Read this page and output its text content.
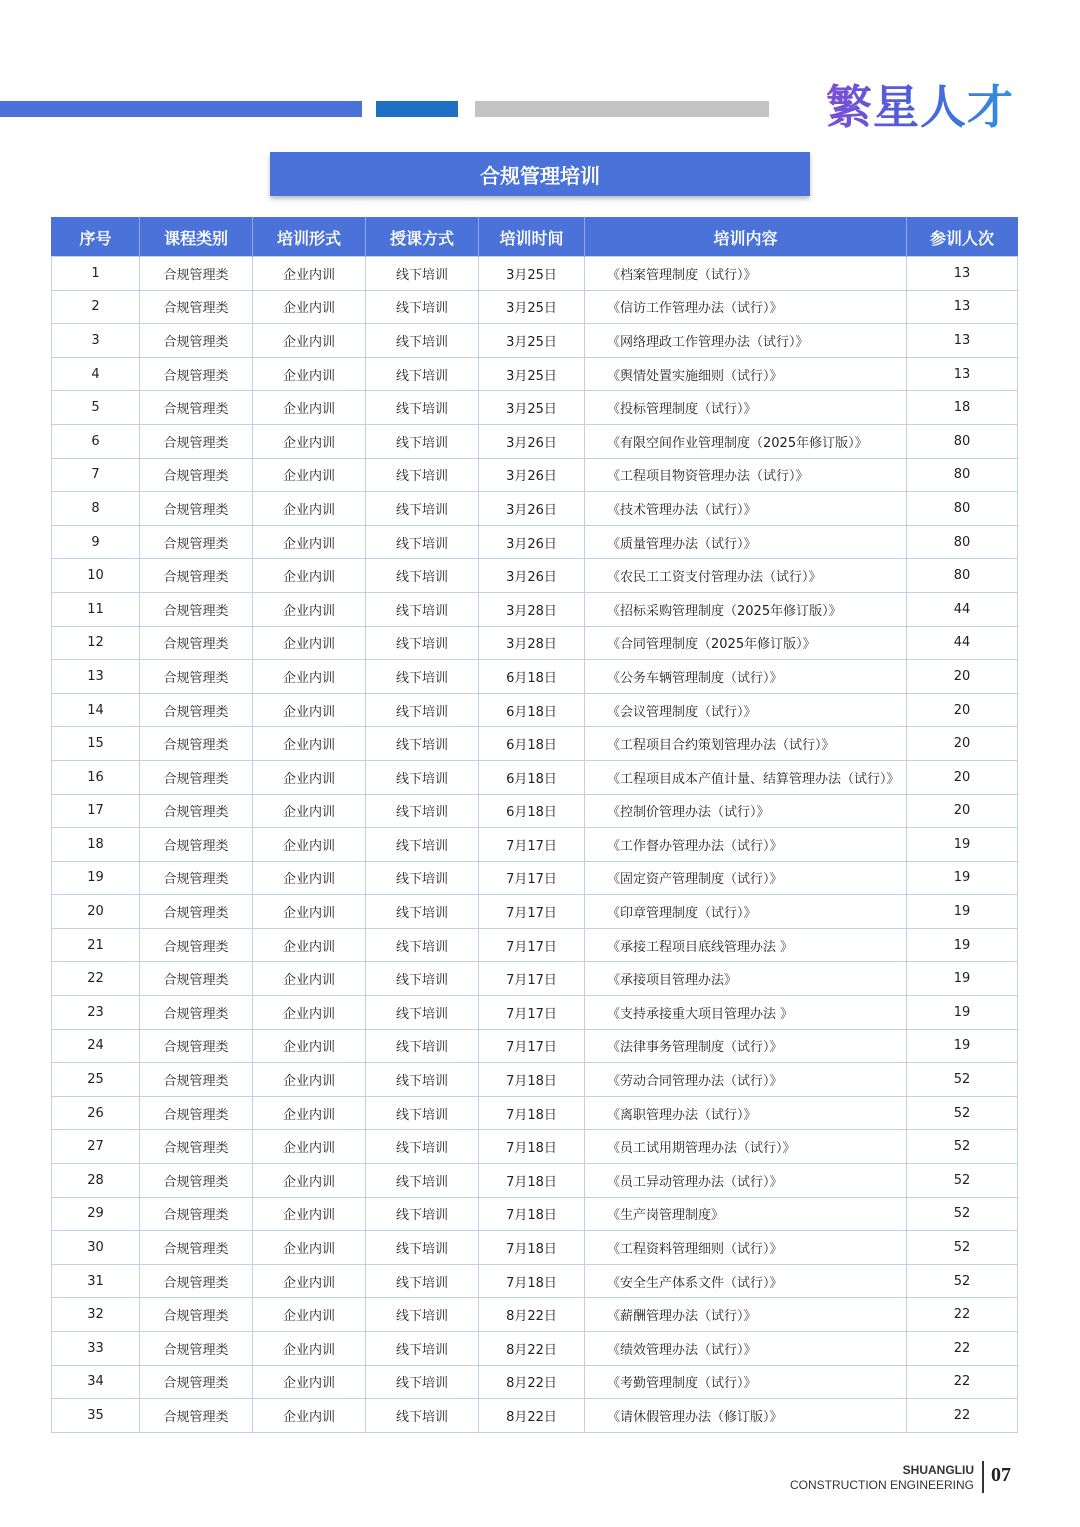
繁星人才
合规管理培训
序号	课程类别	培训形式	授课方式	培训时间	培训内容	参训人次
1	合规管理类	企业内训	线下培训	3月25日	《档案管理制度（试行）》	13
2	合规管理类	企业内训	线下培训	3月25日	《信访工作管理办法（试行）》	13
3	合规管理类	企业内训	线下培训	3月25日	《网络理政工作管理办法（试行）》	13
4	合规管理类	企业内训	线下培训	3月25日	《舆情处置实施细则（试行）》	13
5	合规管理类	企业内训	线下培训	3月25日	《投标管理制度（试行）》	18
6	合规管理类	企业内训	线下培训	3月26日	《有限空间作业管理制度（2025年修订版）》	80
7	合规管理类	企业内训	线下培训	3月26日	《工程项目物资管理办法（试行）》	80
8	合规管理类	企业内训	线下培训	3月26日	《技术管理办法（试行）》	80
9	合规管理类	企业内训	线下培训	3月26日	《质量管理办法（试行）》	80
10	合规管理类	企业内训	线下培训	3月26日	《农民工工资支付管理办法（试行）》	80
11	合规管理类	企业内训	线下培训	3月28日	《招标采购管理制度（2025年修订版）》	44
12	合规管理类	企业内训	线下培训	3月28日	《合同管理制度（2025年修订版）》	44
13	合规管理类	企业内训	线下培训	6月18日	《公务车辆管理制度（试行）》	20
14	合规管理类	企业内训	线下培训	6月18日	《会议管理制度（试行）》	20
15	合规管理类	企业内训	线下培训	6月18日	《工程项目合约策划管理办法（试行）》	20
16	合规管理类	企业内训	线下培训	6月18日	《工程项目成本产值计量、结算管理办法（试行）》	20
17	合规管理类	企业内训	线下培训	6月18日	《控制价管理办法（试行）》	20
18	合规管理类	企业内训	线下培训	7月17日	《工作督办管理办法（试行）》	19
19	合规管理类	企业内训	线下培训	7月17日	《固定资产管理制度（试行）》	19
20	合规管理类	企业内训	线下培训	7月17日	《印章管理制度（试行）》	19
21	合规管理类	企业内训	线下培训	7月17日	《承接工程项目底线管理办法 》	19
22	合规管理类	企业内训	线下培训	7月17日	《承接项目管理办法》	19
23	合规管理类	企业内训	线下培训	7月17日	《支持承接重大项目管理办法 》	19
24	合规管理类	企业内训	线下培训	7月17日	《法律事务管理制度（试行）》	19
25	合规管理类	企业内训	线下培训	7月18日	《劳动合同管理办法（试行）》	52
26	合规管理类	企业内训	线下培训	7月18日	《离职管理办法（试行）》	52
27	合规管理类	企业内训	线下培训	7月18日	《员工试用期管理办法（试行）》	52
28	合规管理类	企业内训	线下培训	7月18日	《员工异动管理办法（试行）》	52
29	合规管理类	企业内训	线下培训	7月18日	《生产岗管理制度》	52
30	合规管理类	企业内训	线下培训	7月18日	《工程资料管理细则（试行）》	52
31	合规管理类	企业内训	线下培训	7月18日	《安全生产体系文件（试行）》	52
32	合规管理类	企业内训	线下培训	8月22日	《薪酬管理办法（试行）》	22
33	合规管理类	企业内训	线下培训	8月22日	《绩效管理办法（试行）》	22
34	合规管理类	企业内训	线下培训	8月22日	《考勤管理制度（试行）》	22
35	合规管理类	企业内训	线下培训	8月22日	《请休假管理办法（修订版）》	22
SHUANGLIU
CONSTRUCTION ENGINEERING 07
